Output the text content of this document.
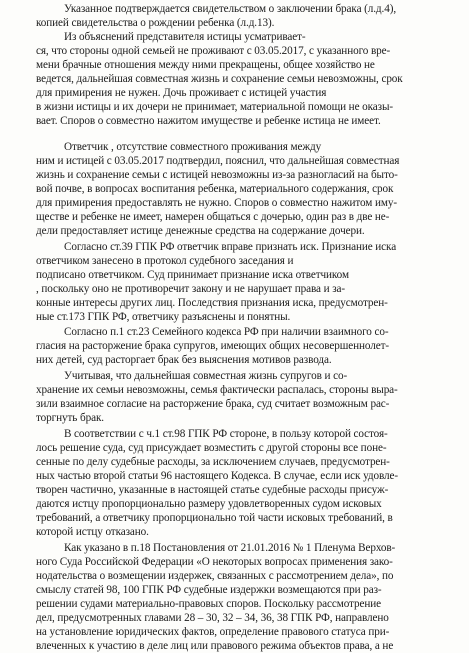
Указанное подтверждается свидетельством о заключении брака (л.д.4),
копией свидетельства о рождении ребенка (л.д.13).
Из объяснений представителя истицы усматривает-
ся, что стороны одной семьей не проживают с 03.05.2017, с указанного вре-
мени брачные отношения между ними прекращены, общее хозяйство не
ведется, дальнейшая совместная жизнь и сохранение семьи невозможны, срок
для примирения не нужен. Дочь проживает с истицей участия
в жизни истицы и их дочери не принимает, материальной помощи не оказы-
вает. Споров о совместно нажитом имуществе и ребенке истица не имеет.
Ответчик , отсутствие совместного проживания между
ним и истицей с 03.05.2017 подтвердил, пояснил, что дальнейшая совместная
жизнь и сохранение семьи с истицей невозможны из-за разногласий на быто-
вой почве, в вопросах воспитания ребенка, материального содержания, срок
для примирения предоставлять не нужно. Споров о совместно нажитом иму-
ществе и ребенке не имеет, намерен общаться с дочерью, один раз в две не-
дели предоставляет истице денежные средства на содержание дочери.
Согласно ст.39 ГПК РФ ответчик вправе признать иск. Признание иска
ответчиком занесено в протокол судебного заседания и
подписано ответчиком. Суд принимает признание иска ответчиком
, поскольку оно не противоречит закону и не нарушает права и за-
конные интересы других лиц. Последствия признания иска, предусмотрен-
ные ст.173 ГПК РФ, ответчику разъяснены и понятны.
Согласно п.1 ст.23 Семейного кодекса РФ при наличии взаимного со-
гласия на расторжение брака супругов, имеющих общих несовершеннолет-
них детей, суд расторгает брак без выяснения мотивов развода.
Учитывая, что дальнейшая совместная жизнь супругов и со-
хранение их семьи невозможны, семья фактически распалась, стороны выра-
зили взаимное согласие на расторжение брака, суд считает возможным рас-
торгнуть брак.
В соответствии с ч.1 ст.98 ГПК РФ стороне, в пользу которой состоя-
лось решение суда, суд присуждает возместить с другой стороны все поне-
сенные по делу судебные расходы, за исключением случаев, предусмотрен-
ных частью второй статьи 96 настоящего Кодекса. В случае, если иск удовле-
творен частично, указанные в настоящей статье судебные расходы присуж-
даются истцу пропорционально размеру удовлетворенных судом исковых
требований, а ответчику пропорционально той части исковых требований, в
которой истцу отказано.
Как указано в п.18 Постановления от 21.01.2016 № 1 Пленума Верхов-
ного Суда Российской Федерации «О некоторых вопросах применения зако-
нодательства о возмещении издержек, связанных с рассмотрением дела», по
смыслу статей 98, 100 ГПК РФ судебные издержки возмещаются при раз-
решении судами материально-правовых споров. Поскольку рассмотрение
дел, предусмотренных главами 28 – 30, 32 – 34, 36, 38 ГПК РФ, направлено
на установление юридических фактов, определение правового статуса при-
влеченных к участию в деле лиц или правового режима объектов права, а не
